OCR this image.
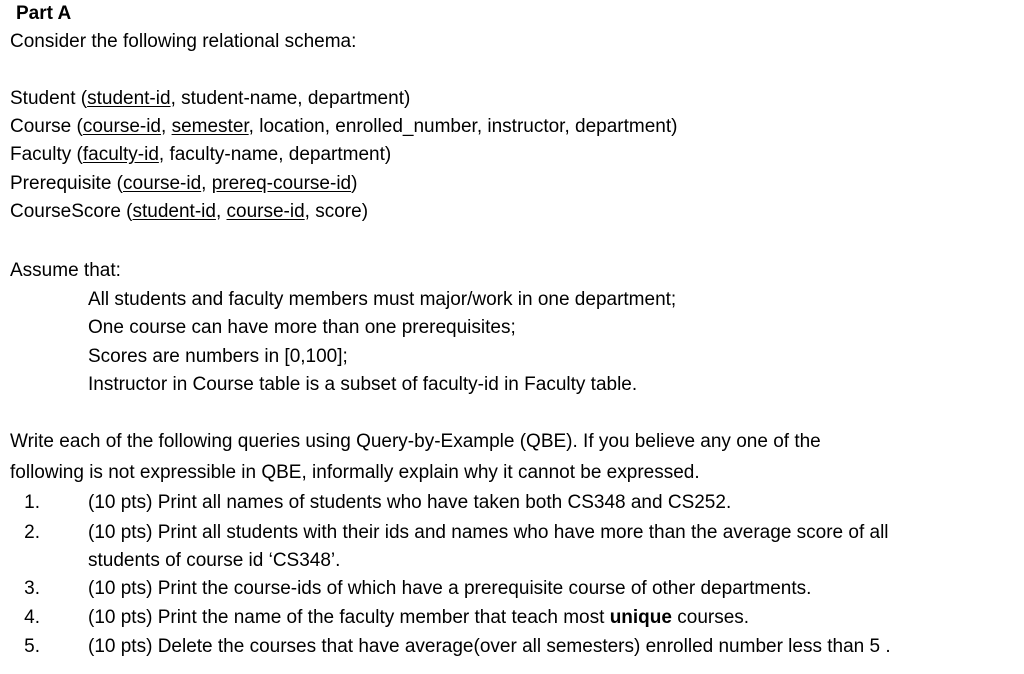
Part A
Consider the following relational schema:
Student (student-id, student-name, department)
Course (course-id, semester, location, enrolled_number, instructor, department)
Faculty (faculty-id, faculty-name, department)
Prerequisite (course-id, prereq-course-id)
CourseScore (student-id, course-id, score)
Assume that:
All students and faculty members must major/work in one department;
One course can have more than one prerequisites;
Scores are numbers in [0,100];
Instructor in Course table is a subset of faculty-id in Faculty table.
Write each of the following queries using Query-by-Example (QBE). If you believe any one of the
following is not expressible in QBE, informally explain why it cannot be expressed.
1.	(10 pts) Print all names of students who have taken both CS348 and CS252.
2.	(10 pts) Print all students with their ids and names who have more than the average score of all
students of course id ‘CS348’.
3.	(10 pts) Print the course-ids of which have a prerequisite course of other departments.
4.	(10 pts) Print the name of the faculty member that teach most unique courses.
5.	(10 pts) Delete the courses that have average(over all semesters) enrolled number less than 5 .
